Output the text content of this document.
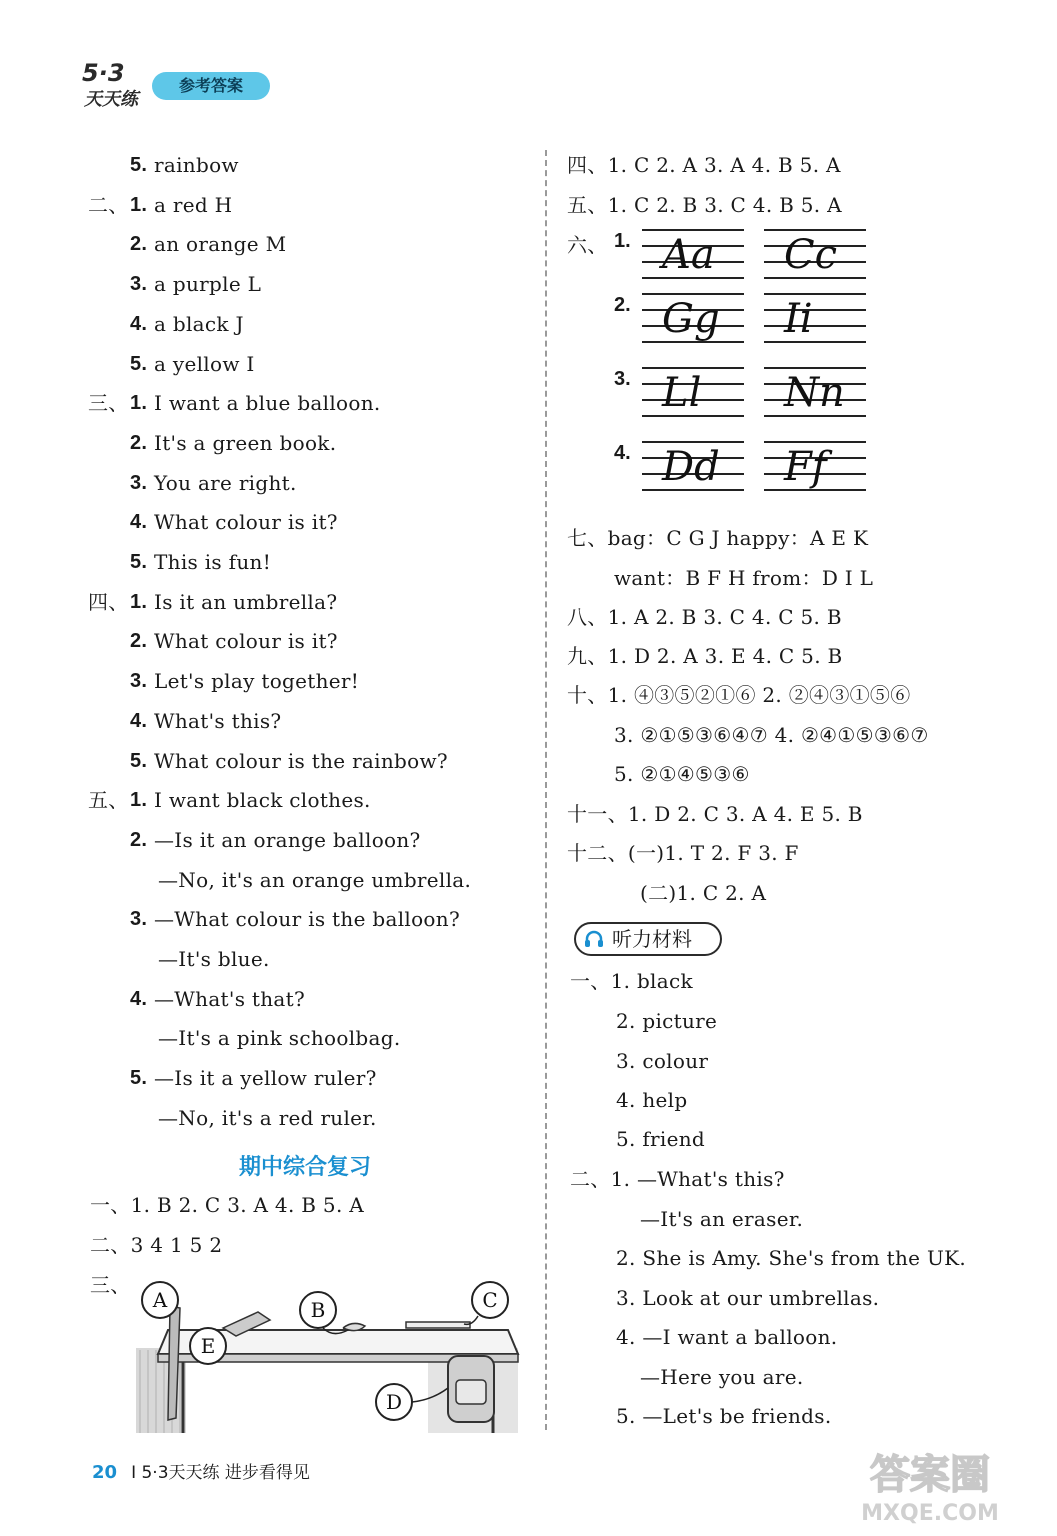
5·3
天天练
参考答案
5. rainbow
二、 1. a red H
2. an orange M
3. a purple L
4. a black J
5. a yellow I
三、 1. I want a blue balloon.
2. It's a green book.
3. You are right.
4. What colour is it?
5. This is fun!
四、 1. Is it an umbrella?
2. What colour is it?
3. Let's play together!
4. What's this?
5. What colour is the rainbow?
五、 1. I want black clothes.
2. —Is it an orange balloon?
—No, it's an orange umbrella.
3. —What colour is the balloon?
—It's blue.
4. —What's that?
—It's a pink schoolbag.
5. —Is it a yellow ruler?
—No, it's a red ruler.
期中综合复习
一、1. B 2. C 3. A 4. B 5. A
二、3 4 1 5 2
三、
A	B	C
D
E
四、1. C 2. A 3. A 4. B 5. A
五、1. C 2. B 3. C 4. B 5. A
六、 1. Aa Cc
2. Gg Ii
3. Ll Nn
4. Dd Ff
七、bag：C G J happy：A E K
want：B F H from：D I L
八、1. A 2. B 3. C 4. C 5. B
九、1. D 2. A 3. E 4. C 5. B
十、1. ④③⑤②①⑥ 2. ②④③①⑤⑥
3. ②①⑤③⑥④⑦ 4. ②④①⑤③⑥⑦
5. ②①④⑤③⑥
十一、1. D 2. C 3. A 4. E 5. B
十二、(一)1. T 2. F 3. F
(二)1. C 2. A
听力材料
一、1. black
2. picture
3. colour
4. help
5. friend
二、1. —What's this?
—It's an eraser.
2. She is Amy. She's from the UK.
3. Look at our umbrellas.
4. —I want a balloon.
—Here you are.
5. —Let's be friends.
20 I 5·3天天练 进步看得见	答案圈
MXQE.COM
